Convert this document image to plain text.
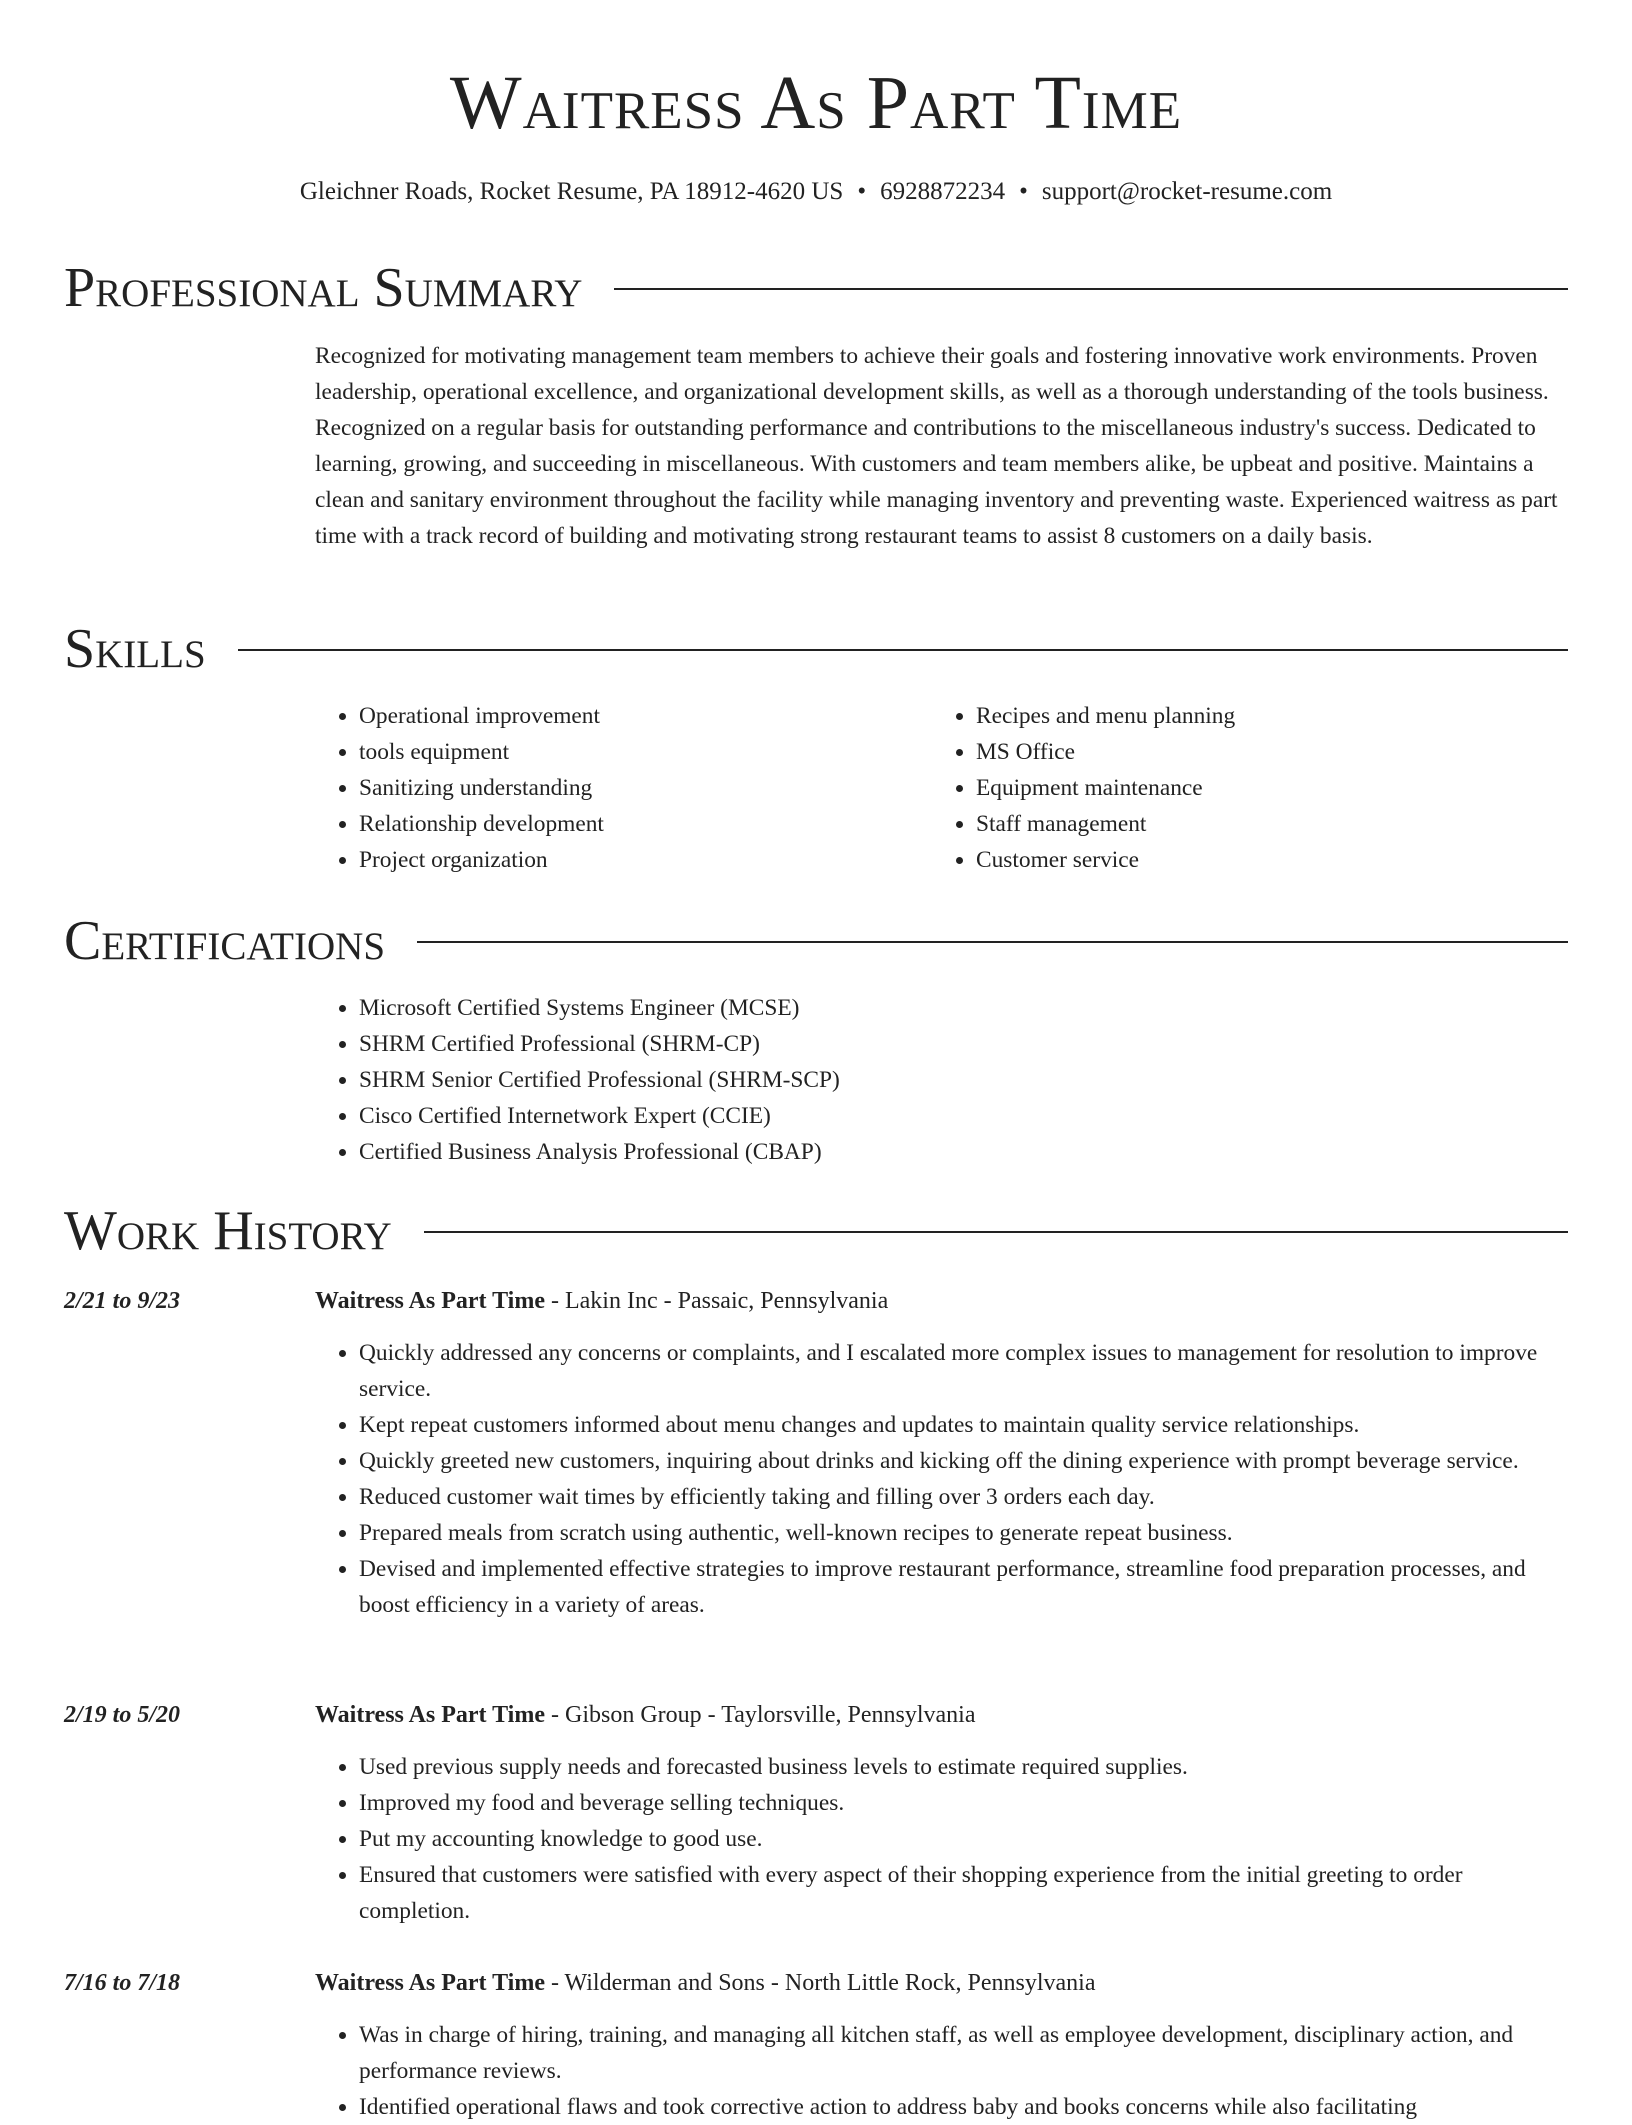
Waitress As Part Time
Gleichner Roads, Rocket Resume, PA 18912-4620 US • 6928872234 • support@rocket-resume.com
Professional Summary
Recognized for motivating management team members to achieve their goals and fostering innovative work environments. Proven leadership, operational excellence, and organizational development skills, as well as a thorough understanding of the tools business. Recognized on a regular basis for outstanding performance and contributions to the miscellaneous industry's success. Dedicated to learning, growing, and succeeding in miscellaneous. With customers and team members alike, be upbeat and positive. Maintains a clean and sanitary environment throughout the facility while managing inventory and preventing waste. Experienced waitress as part time with a track record of building and motivating strong restaurant teams to assist 8 customers on a daily basis.
Skills
• Operational improvement
• tools equipment
• Sanitizing understanding
• Relationship development
• Project organization
• Recipes and menu planning
• MS Office
• Equipment maintenance
• Staff management
• Customer service
Certifications
• Microsoft Certified Systems Engineer (MCSE)
• SHRM Certified Professional (SHRM-CP)
• SHRM Senior Certified Professional (SHRM-SCP)
• Cisco Certified Internetwork Expert (CCIE)
• Certified Business Analysis Professional (CBAP)
Work History
2/21 to 9/23	Waitress As Part Time - Lakin Inc - Passaic, Pennsylvania
• Quickly addressed any concerns or complaints, and I escalated more complex issues to management for resolution to improve service.
• Kept repeat customers informed about menu changes and updates to maintain quality service relationships.
• Quickly greeted new customers, inquiring about drinks and kicking off the dining experience with prompt beverage service.
• Reduced customer wait times by efficiently taking and filling over 3 orders each day.
• Prepared meals from scratch using authentic, well-known recipes to generate repeat business.
• Devised and implemented effective strategies to improve restaurant performance, streamline food preparation processes, and boost efficiency in a variety of areas.
2/19 to 5/20	Waitress As Part Time - Gibson Group - Taylorsville, Pennsylvania
• Used previous supply needs and forecasted business levels to estimate required supplies.
• Improved my food and beverage selling techniques.
• Put my accounting knowledge to good use.
• Ensured that customers were satisfied with every aspect of their shopping experience from the initial greeting to order completion.
7/16 to 7/18	Waitress As Part Time - Wilderman and Sons - North Little Rock, Pennsylvania
• Was in charge of hiring, training, and managing all kitchen staff, as well as employee development, disciplinary action, and performance reviews.
• Identified operational flaws and took corrective action to address baby and books concerns while also facilitating
